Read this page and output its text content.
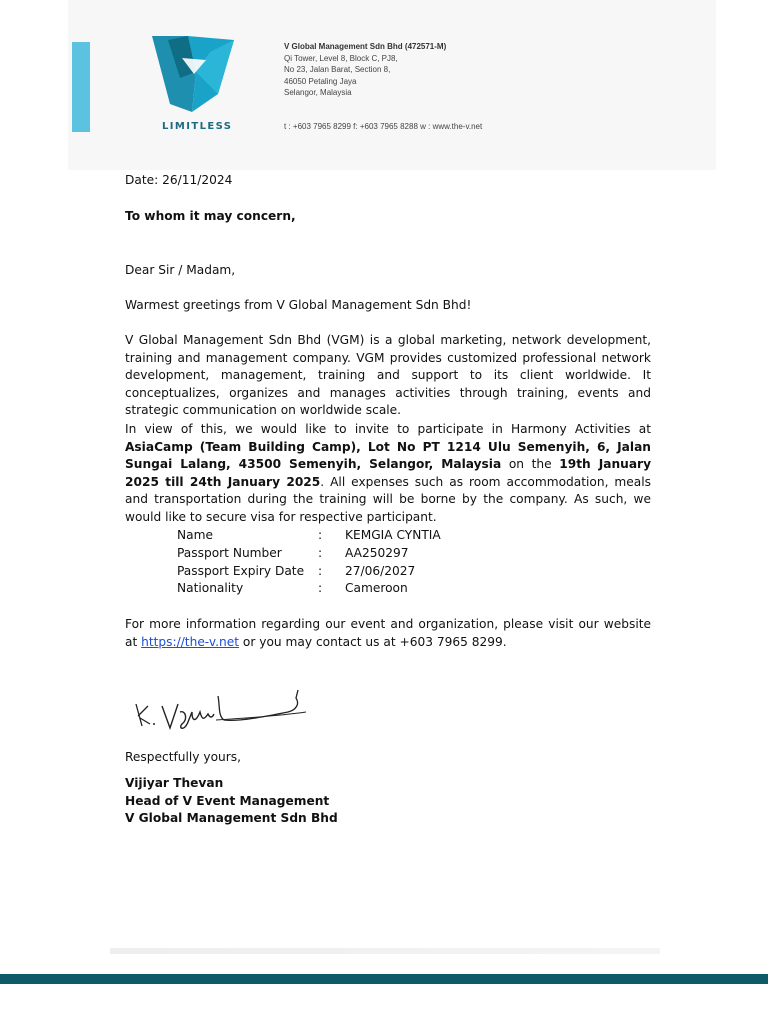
LIMITLESS
V Global Management Sdn Bhd (472571-M)
Qi Tower, Level 8, Block C, PJ8,
No 23, Jalan Barat, Section 8,
46050 Petaling Jaya
Selangor, Malaysia
t : +603 7965 8299 f: +603 7965 8288 w : www.the-v.net
Date: 26/11/2024
To whom it may concern,
Dear Sir / Madam,
Warmest greetings from V Global Management Sdn Bhd!
V Global Management Sdn Bhd (VGM) is a global marketing, network development, training and management company. VGM provides customized professional network development, management, training and support to its client worldwide. It conceptualizes, organizes and manages activities through training, events and strategic communication on worldwide scale.
In view of this, we would like to invite to participate in Harmony Activities at AsiaCamp (Team Building Camp), Lot No PT 1214 Ulu Semenyih, 6, Jalan Sungai Lalang, 43500 Semenyih, Selangor, Malaysia on the 19th January 2025 till 24th January 2025. All expenses such as room accommodation, meals and transportation during the training will be borne by the company. As such, we would like to secure visa for respective participant.
Name	:	KEMGIA CYNTIA
Passport Number	:	AA250297
Passport Expiry Date	:	27/06/2027
Nationality	:	Cameroon
For more information regarding our event and organization, please visit our website at https://the-v.net or you may contact us at +603 7965 8299.
Respectfully yours,
Vijiyar Thevan
Head of V Event Management
V Global Management Sdn Bhd
